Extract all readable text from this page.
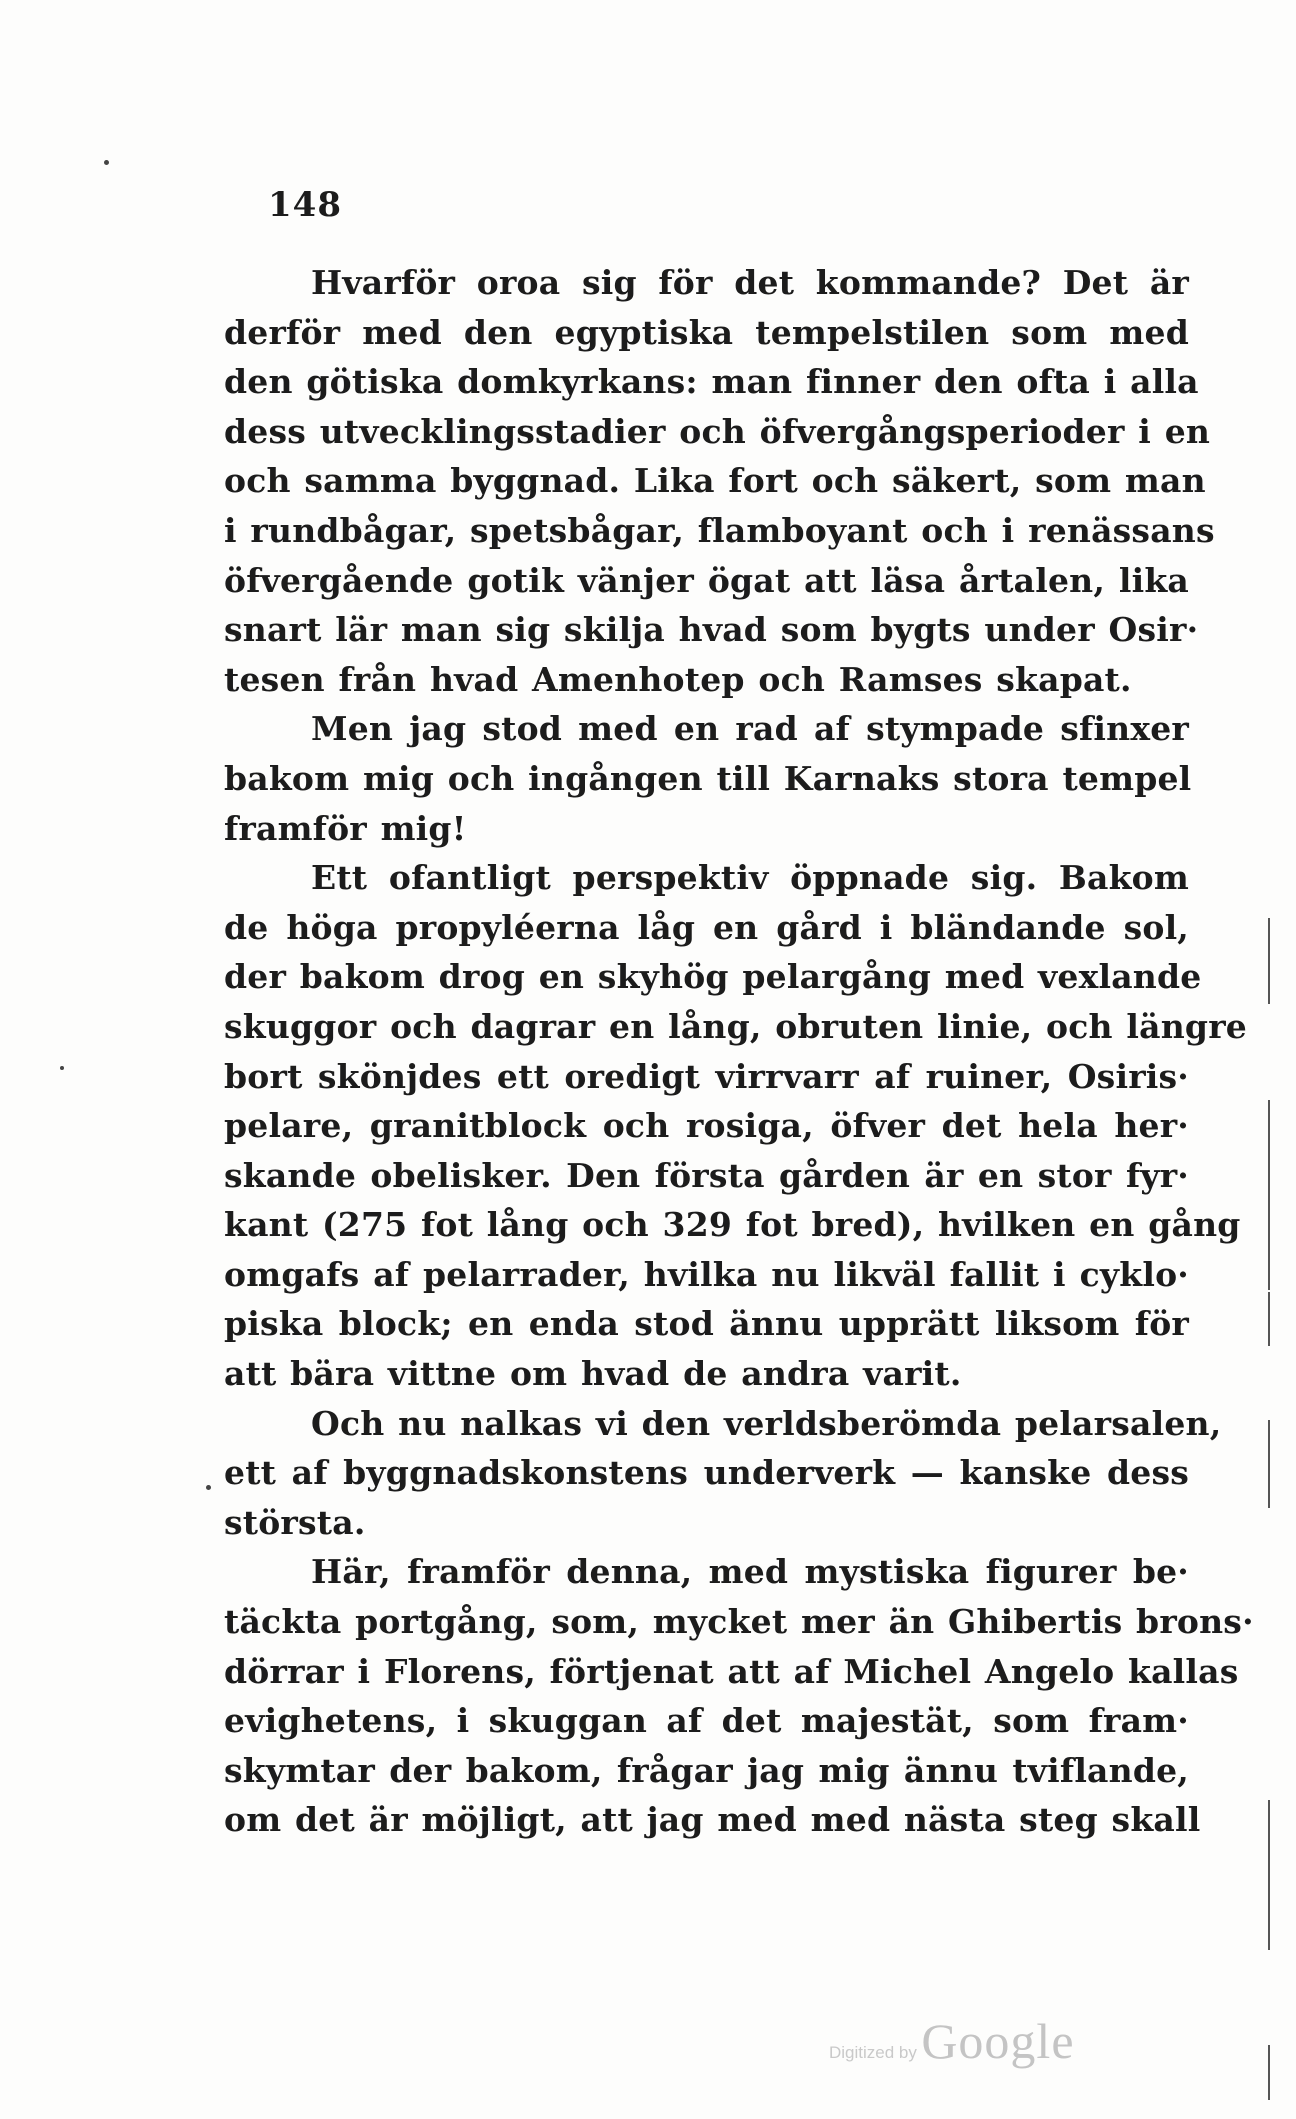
148
Hvarför oroa sig för det kommande? Det är
derför med den egyptiska tempelstilen som med
den götiska domkyrkans: man finner den ofta i alla
dess utvecklingsstadier och öfvergångsperioder i en
och samma byggnad. Lika fort och säkert, som man
i rundbågar, spetsbågar, flamboyant och i renässans
öfvergående gotik vänjer ögat att läsa årtalen, lika
snart lär man sig skilja hvad som bygts under Osir·
tesen från hvad Amenhotep och Ramses skapat.
Men jag stod med en rad af stympade sfinxer
bakom mig och ingången till Karnaks stora tempel
framför mig!
Ett ofantligt perspektiv öppnade sig. Bakom
de höga propyléerna låg en gård i bländande sol,
der bakom drog en skyhög pelargång med vexlande
skuggor och dagrar en lång, obruten linie, och längre
bort skönjdes ett oredigt virrvarr af ruiner, Osiris·
pelare, granitblock och rosiga, öfver det hela her·
skande obelisker. Den första gården är en stor fyr·
kant (275 fot lång och 329 fot bred), hvilken en gång
omgafs af pelarrader, hvilka nu likväl fallit i cyklo·
piska block; en enda stod ännu upprätt liksom för
att bära vittne om hvad de andra varit.
Och nu nalkas vi den verldsberömda pelarsalen,
ett af byggnadskonstens underverk — kanske dess
största.
Här, framför denna, med mystiska figurer be·
täckta portgång, som, mycket mer än Ghibertis brons·
dörrar i Florens, förtjenat att af Michel Angelo kallas
evighetens, i skuggan af det majestät, som fram·
skymtar der bakom, frågar jag mig ännu tviflande,
om det är möjligt, att jag med med nästa steg skall
Digitized by Google
